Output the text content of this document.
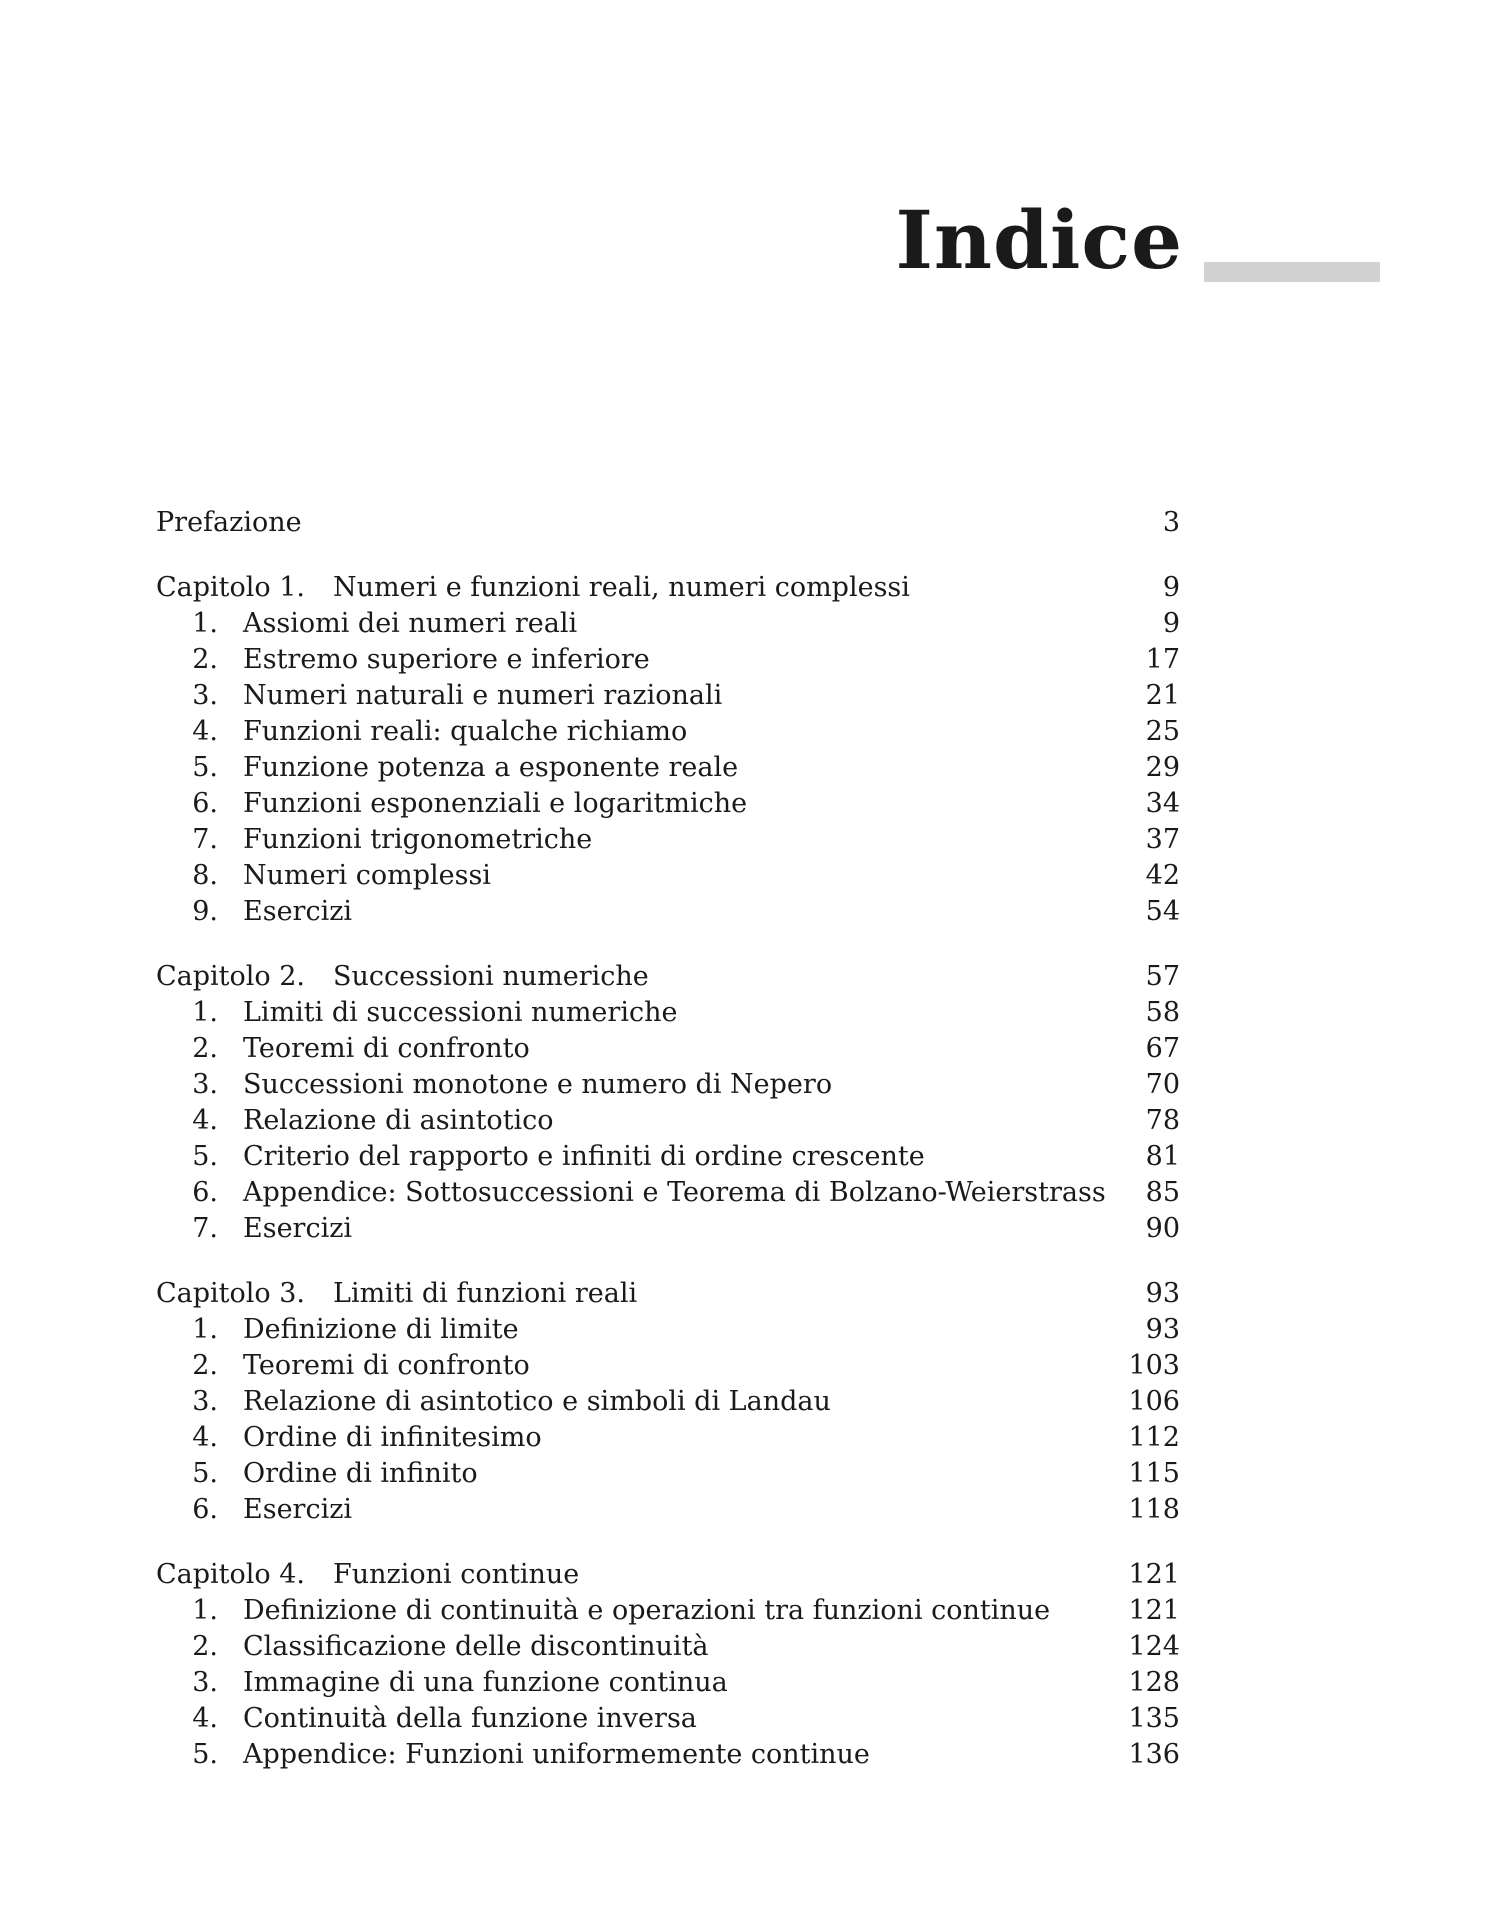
Indice
Prefazione	3
Capitolo 1. Numeri e funzioni reali, numeri complessi	9
1. Assiomi dei numeri reali	9
2. Estremo superiore e inferiore	17
3. Numeri naturali e numeri razionali	21
4. Funzioni reali: qualche richiamo	25
5. Funzione potenza a esponente reale	29
6. Funzioni esponenziali e logaritmiche	34
7. Funzioni trigonometriche	37
8. Numeri complessi	42
9. Esercizi	54
Capitolo 2. Successioni numeriche	57
1. Limiti di successioni numeriche	58
2. Teoremi di confronto	67
3. Successioni monotone e numero di Nepero	70
4. Relazione di asintotico	78
5. Criterio del rapporto e infiniti di ordine crescente	81
6. Appendice: Sottosuccessioni e Teorema di Bolzano-Weierstrass 85
7. Esercizi	90
Capitolo 3. Limiti di funzioni reali	93
1. Definizione di limite	93
2. Teoremi di confronto	103
3. Relazione di asintotico e simboli di Landau	106
4. Ordine di infinitesimo	112
5. Ordine di infinito	115
6. Esercizi	118
Capitolo 4. Funzioni continue	121
1. Definizione di continuità e operazioni tra funzioni continue	121
2. Classificazione delle discontinuità	124
3. Immagine di una funzione continua	128
4. Continuità della funzione inversa	135
5. Appendice: Funzioni uniformemente continue	136
